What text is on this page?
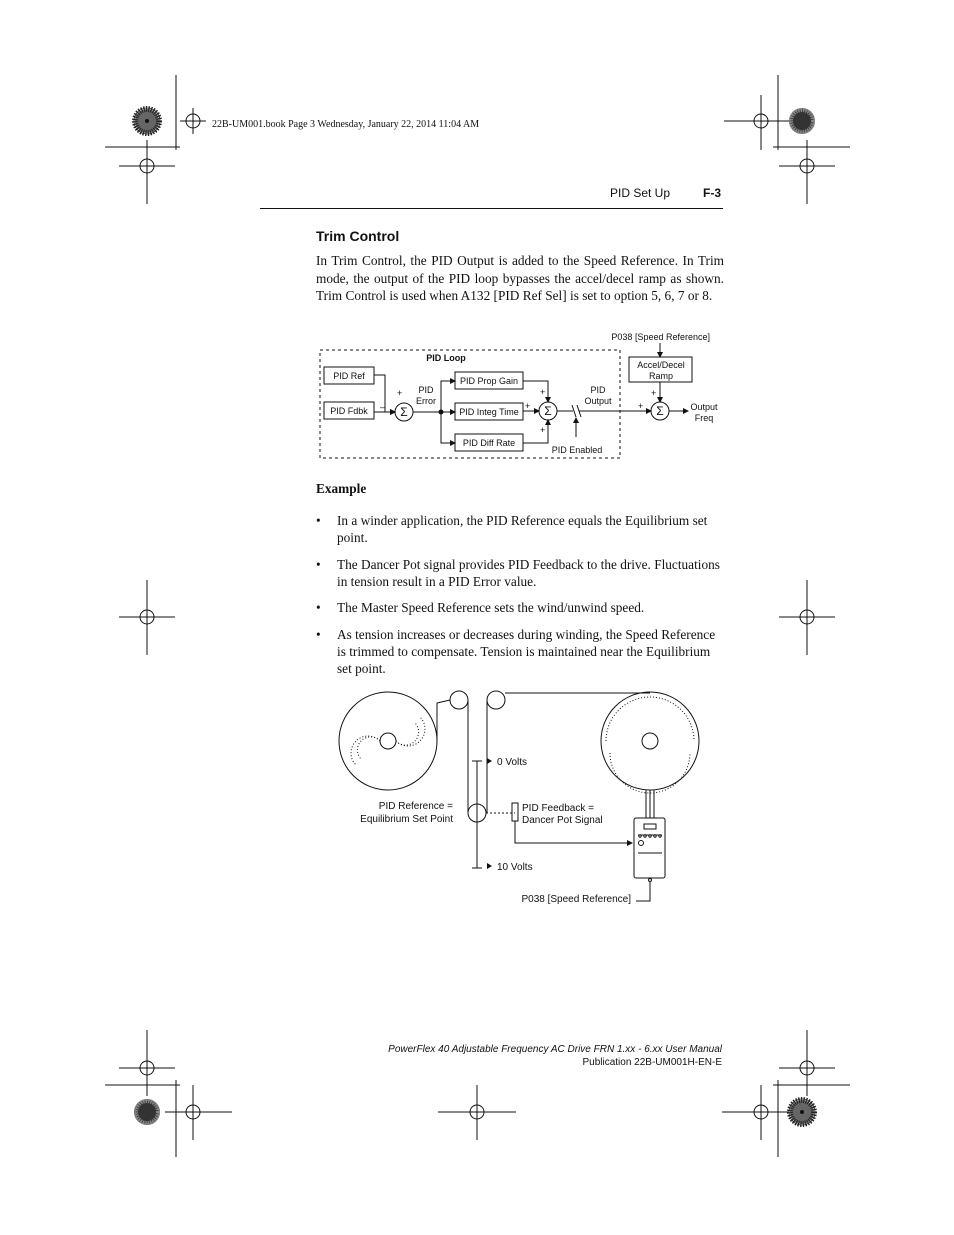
22B-UM001.book Page 3 Wednesday, January 22, 2014 11:04 AM
PID Set Up	F-3
Trim Control
In Trim Control, the PID Output is added to the Speed Reference. In Trim mode, the output of the PID loop bypasses the accel/decel ramp as shown. Trim Control is used when A132 [PID Ref Sel] is set to option 5, 6, 7 or 8.
P038 [Speed Reference]
PID Loop
PID Ref
PID Fdbk
PID
Error
PID Prop Gain
PID Integ Time
PID Diff Rate
PID
Output
PID Enabled
Accel/Decel
Ramp
Output
Freq
+
–
+
+
+
+
+
Σ	Σ	Σ
Example
• In a winder application, the PID Reference equals the Equilibrium set point.
• The Dancer Pot signal provides PID Feedback to the drive. Fluctuations in tension result in a PID Error value.
• The Master Speed Reference sets the wind/unwind speed.
• As tension increases or decreases during winding, the Speed Reference is trimmed to compensate. Tension is maintained near the Equilibrium set point.
0 Volts
10 Volts
PID Reference =
Equilibrium Set Point
PID Feedback =
Dancer Pot Signal
P038 [Speed Reference]
PowerFlex 40 Adjustable Frequency AC Drive FRN 1.xx - 6.xx User Manual
Publication 22B-UM001H-EN-E
